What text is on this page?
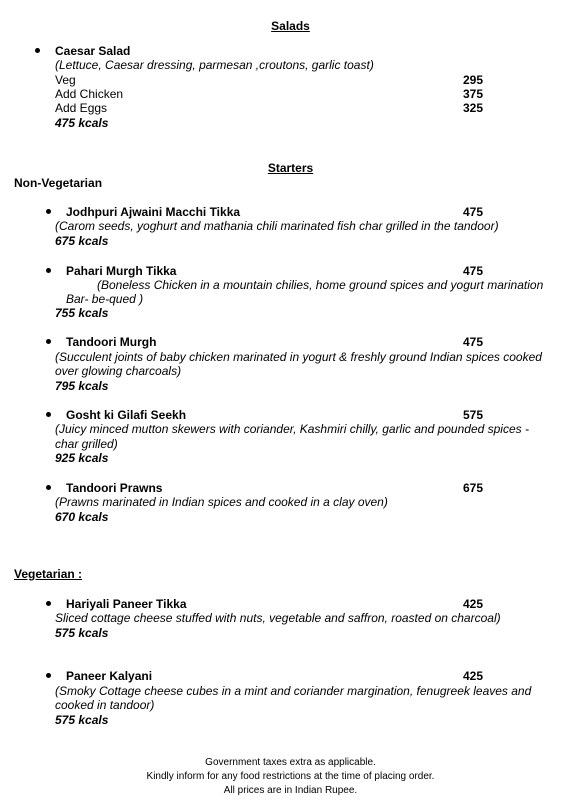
Salads
Caesar Salad
(Lettuce, Caesar dressing, parmesan ,croutons, garlic toast)
Veg	295
Add Chicken	375
Add Eggs	325
475 kcals
Starters
Non-Vegetarian
Jodhpuri Ajwaini Macchi Tikka	475
(Carom seeds, yoghurt and mathania chili marinated fish char grilled in the tandoor)
675 kcals
Pahari Murgh Tikka	475
(Boneless Chicken in a mountain chilies, home ground spices and yogurt marination
Bar- be-qued )
755 kcals
Tandoori Murgh	475
(Succulent joints of baby chicken marinated in yogurt & freshly ground Indian spices cooked
over glowing charcoals)
795 kcals
Gosht ki Gilafi Seekh	575
(Juicy minced mutton skewers with coriander, Kashmiri chilly, garlic and pounded spices -
char grilled)
925 kcals
Tandoori Prawns	675
(Prawns marinated in Indian spices and cooked in a clay oven)
670 kcals
Vegetarian :
Hariyali Paneer Tikka	425
Sliced cottage cheese stuffed with nuts, vegetable and saffron, roasted on charcoal)
575 kcals
Paneer Kalyani	425
(Smoky Cottage cheese cubes in a mint and coriander margination, fenugreek leaves and
cooked in tandoor)
575 kcals
Government taxes extra as applicable.
Kindly inform for any food restrictions at the time of placing order.
All prices are in Indian Rupee.
